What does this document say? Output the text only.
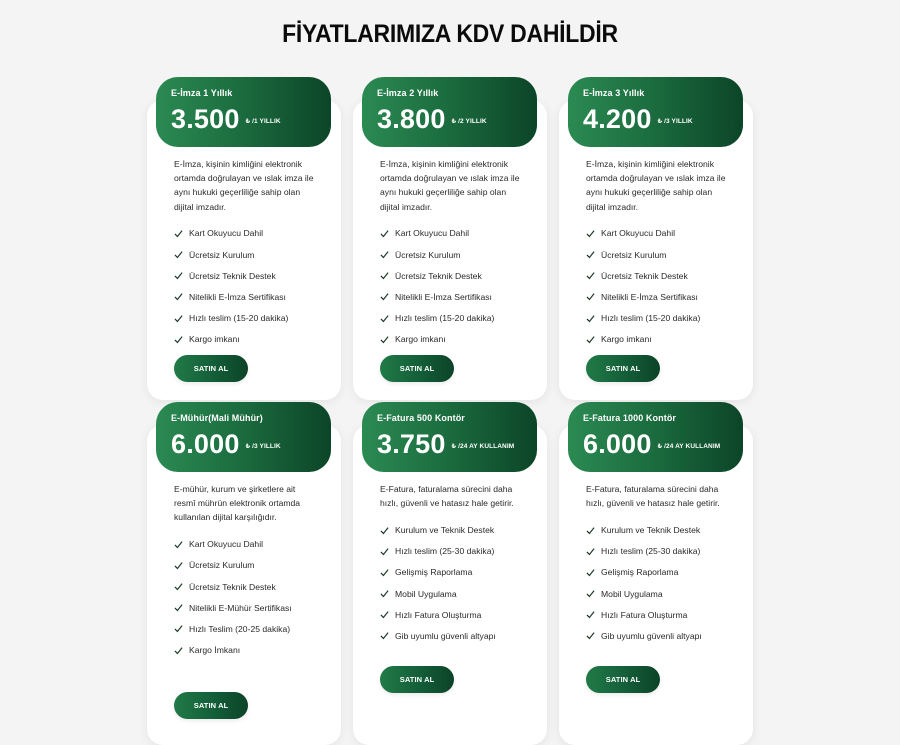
FİYATLARIMIZA KDV DAHİLDİR
E-İmza 1 Yıllık
3.500 ₺ /1 YILLIK

E-İmza, kişinin kimliğini elektronik ortamda doğrulayan ve ıslak imza ile aynı hukuki geçerliliğe sahip olan dijital imzadır.

Kart Okuyucu Dahil
Ücretsiz Kurulum
Ücretsiz Teknik Destek
Nitelikli E-İmza Sertifikası
Hızlı teslim (15-20 dakika)
Kargo imkanı
SATIN AL
E-İmza 2 Yıllık
3.800 ₺ /2 YILLIK

E-İmza, kişinin kimliğini elektronik ortamda doğrulayan ve ıslak imza ile aynı hukuki geçerliliğe sahip olan dijital imzadır.

Kart Okuyucu Dahil
Ücretsiz Kurulum
Ücretsiz Teknik Destek
Nitelikli E-İmza Sertifikası
Hızlı teslim (15-20 dakika)
Kargo imkanı
SATIN AL
E-İmza 3 Yıllık
4.200 ₺ /3 YILLIK

E-İmza, kişinin kimliğini elektronik ortamda doğrulayan ve ıslak imza ile aynı hukuki geçerliliğe sahip olan dijital imzadır.

Kart Okuyucu Dahil
Ücretsiz Kurulum
Ücretsiz Teknik Destek
Nitelikli E-İmza Sertifikası
Hızlı teslim (15-20 dakika)
Kargo imkanı
SATIN AL
E-Mühür(Mali Mühür)
6.000 ₺ /3 YILLIK

E-mühür, kurum ve şirketlere ait resmî mührün elektronik ortamda kullanılan dijital karşılığıdır.

Kart Okuyucu Dahil
Ücretsiz Kurulum
Ücretsiz Teknik Destek
Nitelikli E-Mühür Sertifikası
Hızlı Teslim (20-25 dakika)
Kargo İmkanı
SATIN AL
E-Fatura 500 Kontör
3.750 ₺ /24 AY KULLANIM

E-Fatura, faturalama sürecini daha hızlı, güvenli ve hatasız hale getirir.

Kurulum ve Teknik Destek
Hızlı teslim (25-30 dakika)
Gelişmiş Raporlama
Mobil Uygulama
Hızlı Fatura Oluşturma
Gib uyumlu güvenli altyapı
SATIN AL
E-Fatura 1000 Kontör
6.000 ₺ /24 AY KULLANIM

E-Fatura, faturalama sürecini daha hızlı, güvenli ve hatasız hale getirir.

Kurulum ve Teknik Destek
Hızlı teslim (25-30 dakika)
Gelişmiş Raporlama
Mobil Uygulama
Hızlı Fatura Oluşturma
Gib uyumlu güvenli altyapı
SATIN AL
